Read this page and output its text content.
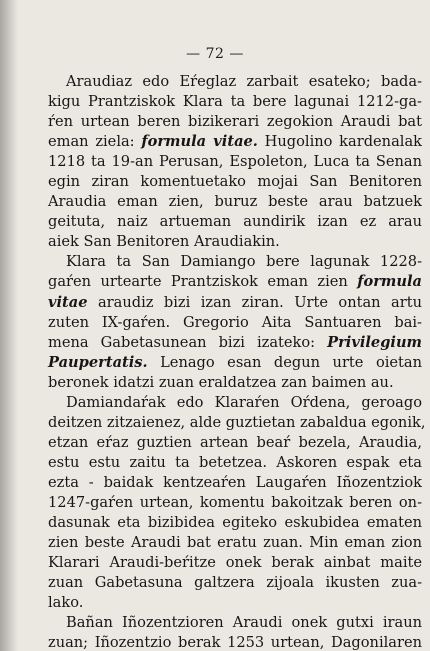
— 72 —
Araudiaz edo Eŕeglaz zarbait esateko; bada-
kigu Prantziskok Klara ta bere lagunai 1212-ga-
ŕen urtean beren bizikerari zegokion Araudi bat
eman ziela: formula vitae. Hugolino kardenalak
1218 ta 19-an Perusan, Espoleton, Luca ta Senan
egin ziran komentuetako mojai San Benitoren
Araudia eman zien, buruz beste arau batzuek
geituta, naiz artueman aundirik izan ez arau
aiek San Benitoren Araudiakin.
Klara ta San Damiango bere lagunak 1228-
gaŕen urtearte Prantziskok eman zien formula
vitae araudiz bizi izan ziran. Urte ontan artu
zuten IX-gaŕen. Gregorio Aita Santuaren bai-
mena Gabetasunean bizi izateko: Privilegium
Paupertatis. Lenago esan degun urte oietan
beronek idatzi zuan eraldatzea zan baimen au.
Damiandaŕak edo Klaraŕen Oŕdena, geroago
deitzen zitzaienez, alde guztietan zabaldua egonik,
etzan eŕaz guztien artean beaŕ bezela, Araudia,
estu estu zaitu ta betetzea. Askoren espak eta
ezta - baidak kentzeaŕen Laugaŕen Iñozentziok
1247-gaŕen urtean, komentu bakoitzak beren on-
dasunak eta bizibidea egiteko eskubidea ematen
zien beste Araudi bat eratu zuan. Min eman zion
Klarari Araudi-beŕitze onek berak ainbat maite
zuan Gabetasuna galtzera zijoala ikusten zua-
lako.
Bañan Iñozentzioren Araudi onek gutxi iraun
zuan; Iñozentzio berak 1253 urtean, Dagonilaren
